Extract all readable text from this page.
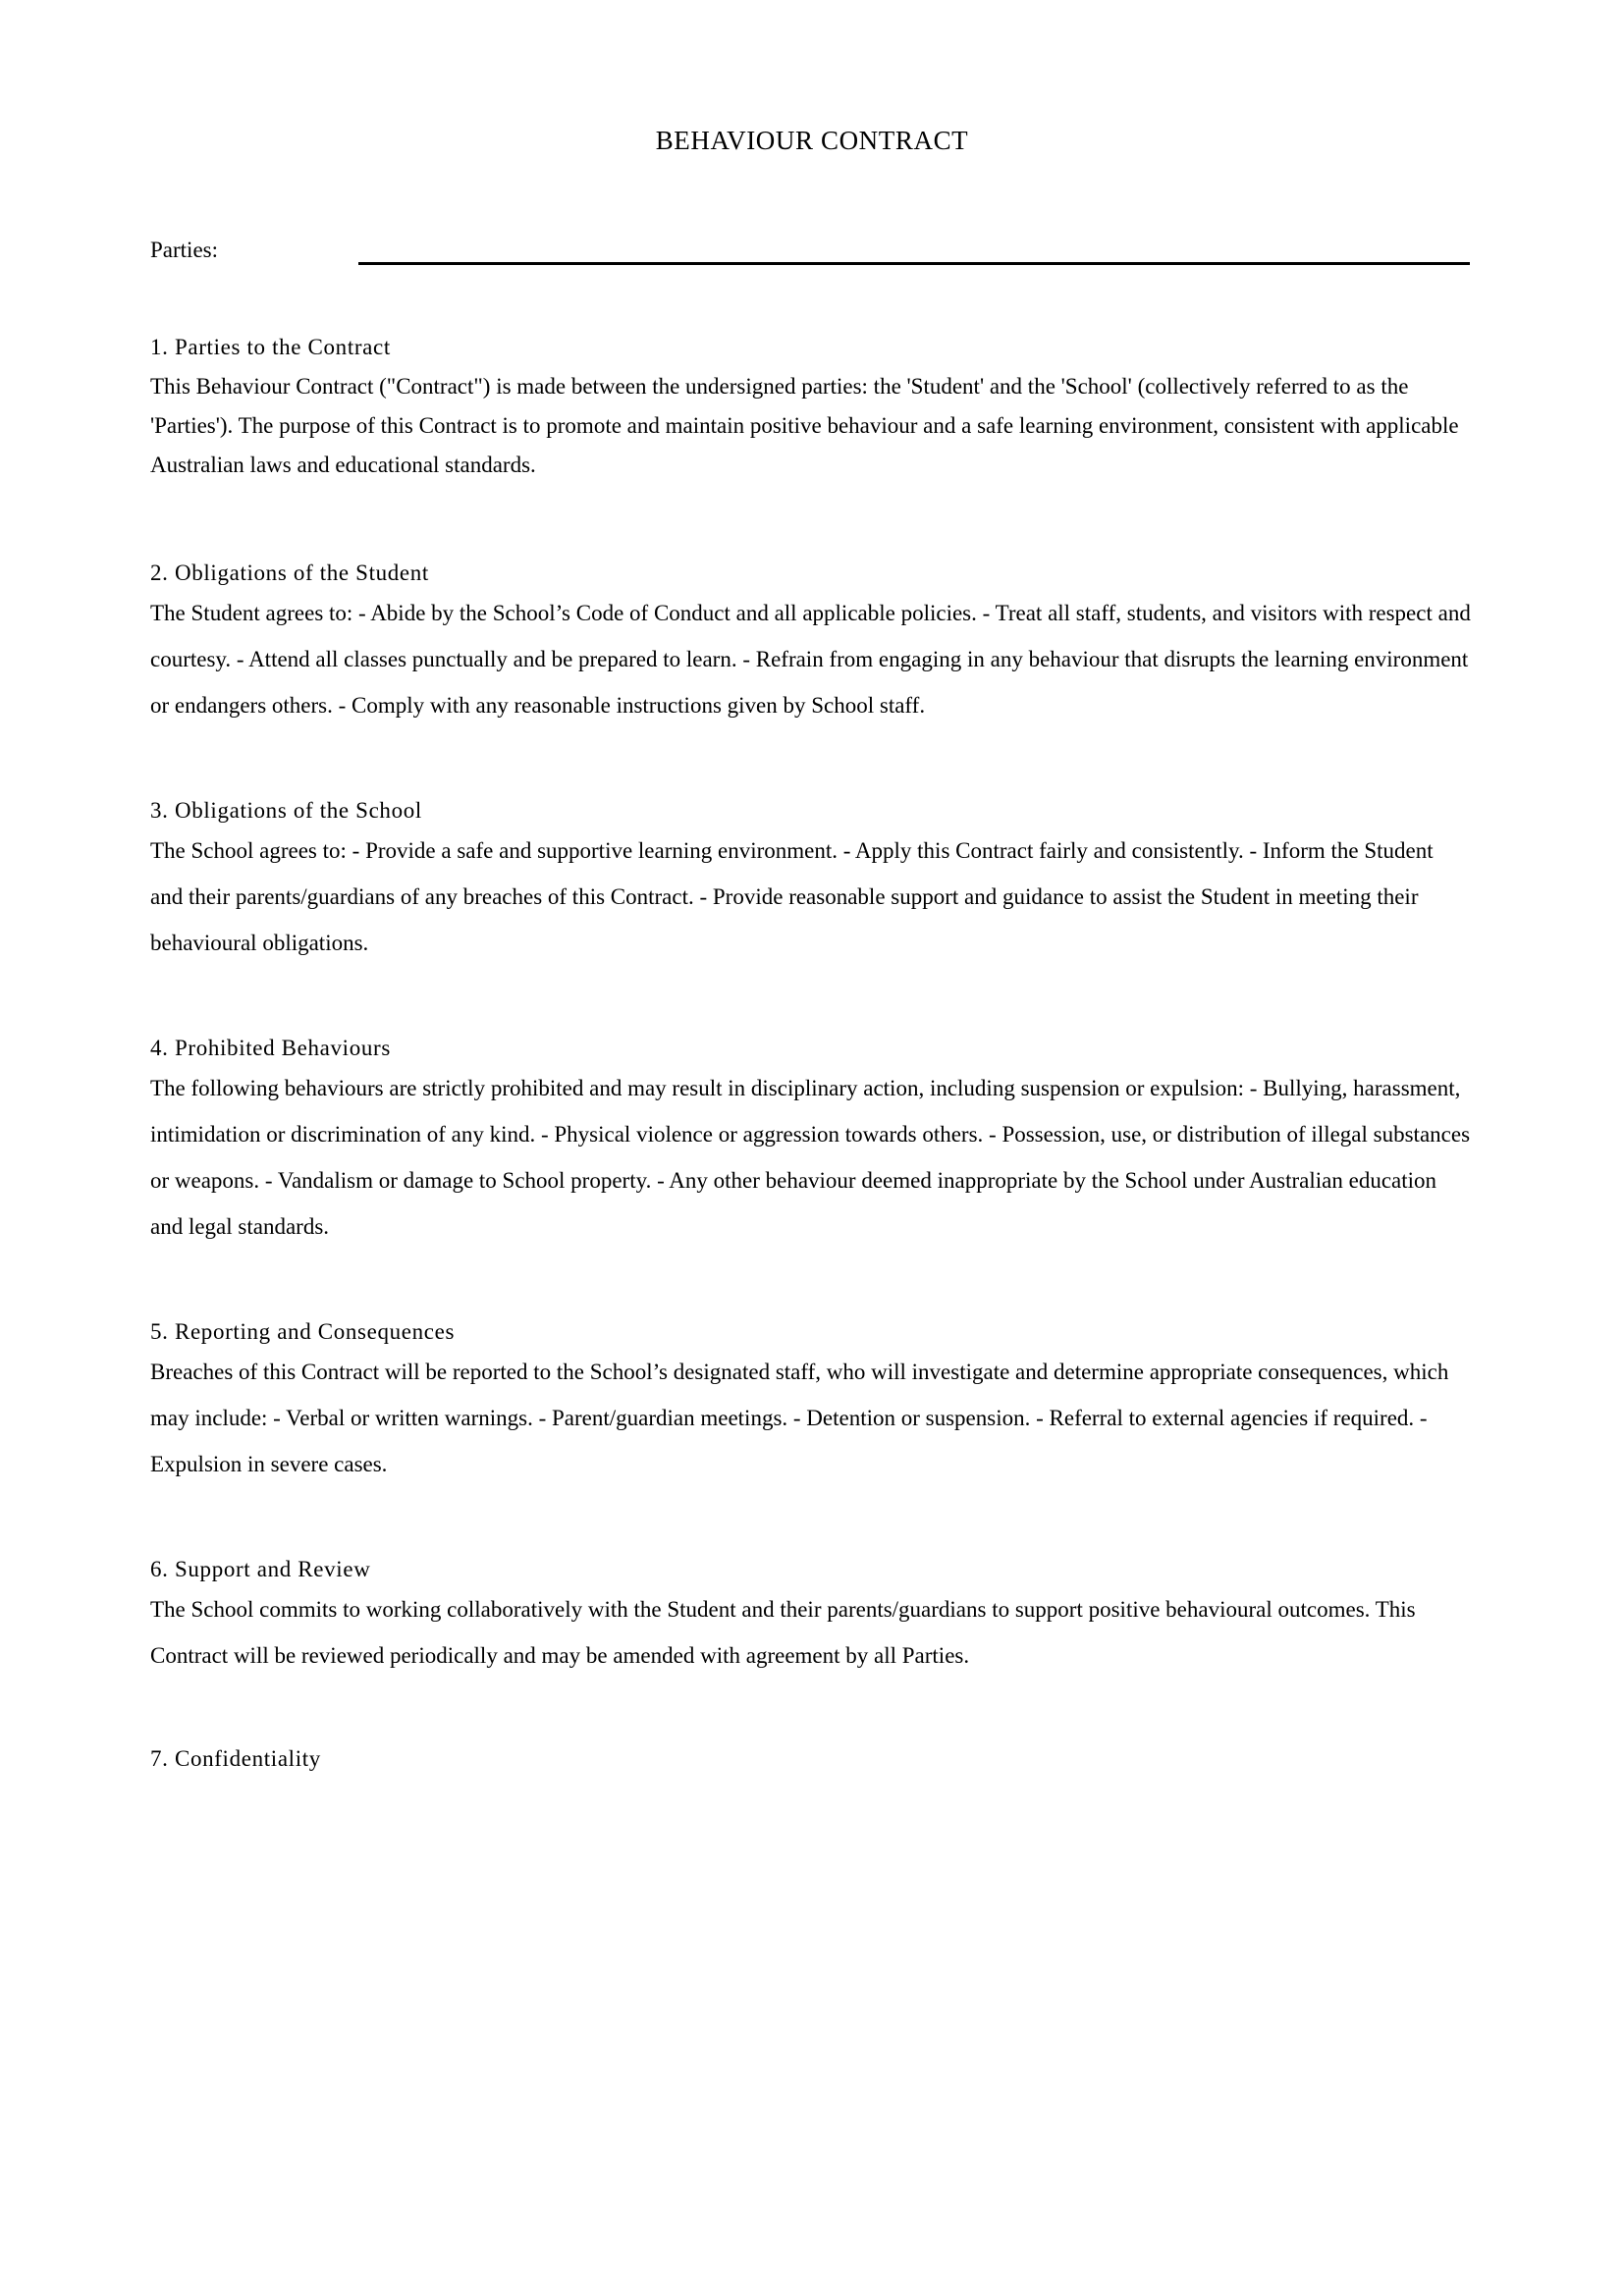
BEHAVIOUR CONTRACT
Parties:
1. Parties to the Contract
This Behaviour Contract ("Contract") is made between the undersigned parties: the 'Student' and the 'School' (collectively referred to as the 'Parties'). The purpose of this Contract is to promote and maintain positive behaviour and a safe learning environment, consistent with applicable Australian laws and educational standards.
2. Obligations of the Student
The Student agrees to: - Abide by the School’s Code of Conduct and all applicable policies. - Treat all staff, students, and visitors with respect and courtesy. - Attend all classes punctually and be prepared to learn. - Refrain from engaging in any behaviour that disrupts the learning environment or endangers others. - Comply with any reasonable instructions given by School staff.
3. Obligations of the School
The School agrees to: - Provide a safe and supportive learning environment. - Apply this Contract fairly and consistently. - Inform the Student and their parents/guardians of any breaches of this Contract. - Provide reasonable support and guidance to assist the Student in meeting their behavioural obligations.
4. Prohibited Behaviours
The following behaviours are strictly prohibited and may result in disciplinary action, including suspension or expulsion: - Bullying, harassment, intimidation or discrimination of any kind. - Physical violence or aggression towards others. - Possession, use, or distribution of illegal substances or weapons. - Vandalism or damage to School property. - Any other behaviour deemed inappropriate by the School under Australian education and legal standards.
5. Reporting and Consequences
Breaches of this Contract will be reported to the School’s designated staff, who will investigate and determine appropriate consequences, which may include: - Verbal or written warnings. - Parent/guardian meetings. - Detention or suspension. - Referral to external agencies if required. - Expulsion in severe cases.
6. Support and Review
The School commits to working collaboratively with the Student and their parents/guardians to support positive behavioural outcomes. This Contract will be reviewed periodically and may be amended with agreement by all Parties.
7. Confidentiality
